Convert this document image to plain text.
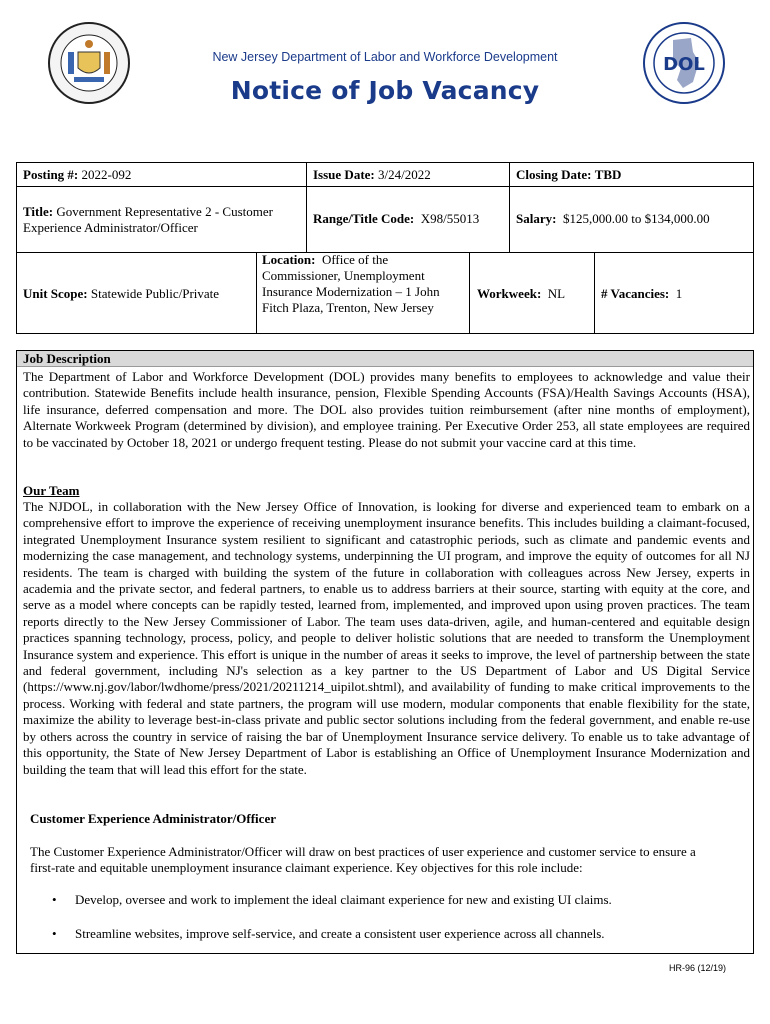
DOL
New Jersey Department of Labor and Workforce Development
Notice of Job Vacancy
Posting #: 2022-092	Issue Date: 3/24/2022	Closing Date: TBD
Title: Government Representative 2 - Customer Experience Administrator/Officer
Range/Title Code: X98/55013	Salary: $125,000.00 to $134,000.00
Unit Scope: Statewide Public/Private
Location: Office of the Commissioner, Unemployment Insurance Modernization – 1 John Fitch Plaza, Trenton, New Jersey
Workweek: NL	# Vacancies: 1
Job Description
The Department of Labor and Workforce Development (DOL) provides many benefits to employees to acknowledge and value their contribution. Statewide Benefits include health insurance, pension, Flexible Spending Accounts (FSA)/Health Savings Accounts (HSA), life insurance, deferred compensation and more. The DOL also provides tuition reimbursement (after nine months of employment), Alternate Workweek Program (determined by division), and employee training. Per Executive Order 253, all state employees are required to be vaccinated by October 18, 2021 or undergo frequent testing. Please do not submit your vaccine card at this time.
Our Team
The NJDOL, in collaboration with the New Jersey Office of Innovation, is looking for diverse and experienced team to embark on a comprehensive effort to improve the experience of receiving unemployment insurance benefits. This includes building a claimant-focused, integrated Unemployment Insurance system resilient to significant and catastrophic periods, such as climate and pandemic events and modernizing the case management, and technology systems, underpinning the UI program, and improve the equity of outcomes for all NJ residents. The team is charged with building the system of the future in collaboration with colleagues across New Jersey, experts in academia and the private sector, and federal partners, to enable us to address barriers at their source, starting with equity at the core, and serve as a model where concepts can be rapidly tested, learned from, implemented, and improved upon using proven practices. The team reports directly to the New Jersey Commissioner of Labor. The team uses data-driven, agile, and human-centered and equitable design practices spanning technology, process, policy, and people to deliver holistic solutions that are needed to transform the Unemployment Insurance system and experience. This effort is unique in the number of areas it seeks to improve, the level of partnership between the state and federal government, including NJ's selection as a key partner to the US Department of Labor and US Digital Service (https://www.nj.gov/labor/lwdhome/press/2021/20211214_uipilot.shtml), and availability of funding to make critical improvements to the process. Working with federal and state partners, the program will use modern, modular components that enable flexibility for the state, maximize the ability to leverage best-in-class private and public sector solutions including from the federal government, and enable re-use by others across the country in service of raising the bar of Unemployment Insurance service delivery. To enable us to take advantage of this opportunity, the State of New Jersey Department of Labor is establishing an Office of Unemployment Insurance Modernization and building the team that will lead this effort for the state.
Customer Experience Administrator/Officer
The Customer Experience Administrator/Officer will draw on best practices of user experience and customer service to ensure a first-rate and equitable unemployment insurance claimant experience. Key objectives for this role include:
• Develop, oversee and work to implement the ideal claimant experience for new and existing UI claims.
• Streamline websites, improve self-service, and create a consistent user experience across all channels.
HR-96 (12/19)
